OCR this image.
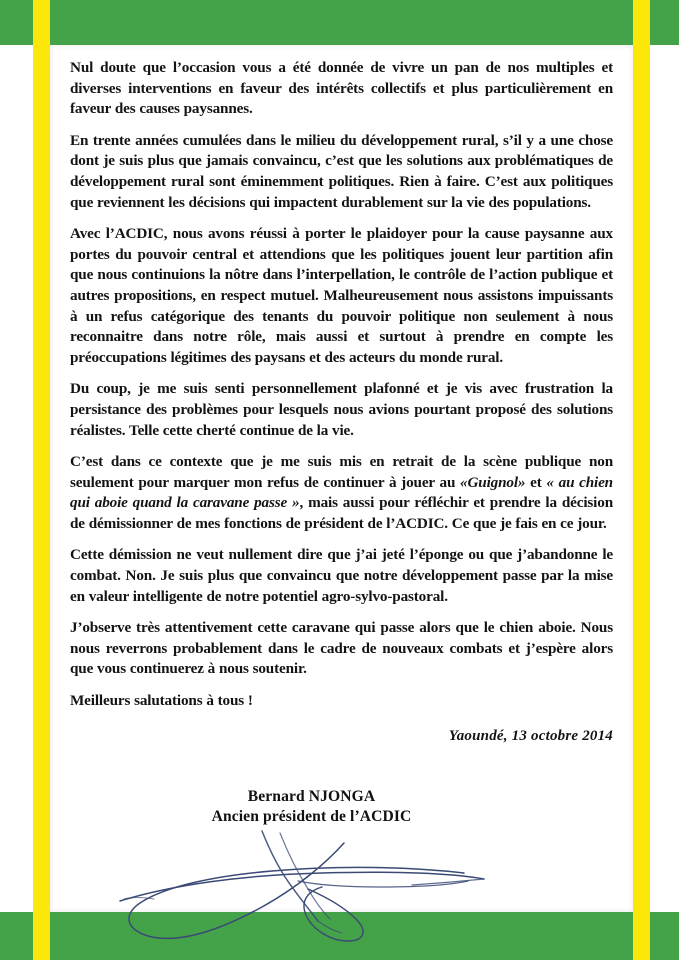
Nul doute que l’occasion vous a été donnée de vivre un pan de nos multiples et diverses interventions en faveur des intérêts collectifs et plus particulièrement en faveur des causes paysannes.

En trente années cumulées dans le milieu du développement rural, s’il y a une chose dont je suis plus que jamais convaincu, c’est que les solutions aux problématiques de développement rural sont éminemment politiques. Rien à faire. C’est aux politiques que reviennent les décisions qui impactent durablement sur la vie des populations.

Avec l’ACDIC, nous avons réussi à porter le plaidoyer pour la cause paysanne aux portes du pouvoir central et attendions que les politiques jouent leur partition afin que nous continuions la nôtre dans l’interpellation, le contrôle de l’action publique et autres propositions, en respect mutuel. Malheureusement nous assistons impuissants à un refus catégorique des tenants du pouvoir politique non seulement à nous reconnaitre dans notre rôle, mais aussi et surtout à prendre en compte les préoccupations légitimes des paysans et des acteurs du monde rural.

Du coup, je me suis senti personnellement plafonné et je vis avec frustration la persistance des problèmes pour lesquels nous avions pourtant proposé des solutions réalistes. Telle cette cherté continue de la vie.

C’est dans ce contexte que je me suis mis en retrait de la scène publique non seulement pour marquer mon refus de continuer à jouer au «Guignol» et « au chien qui aboie quand la caravane passe », mais aussi pour réfléchir et prendre la décision de démissionner de mes fonctions de président de l’ACDIC. Ce que je fais en ce jour.

Cette démission ne veut nullement dire que j’ai jeté l’éponge ou que j’abandonne le combat. Non. Je suis plus que convaincu que notre développement passe par la mise en valeur intelligente de notre potentiel agro-sylvo-pastoral.

J’observe très attentivement cette caravane qui passe alors que le chien aboie. Nous nous reverrons probablement dans le cadre de nouveaux combats et j’espère alors que vous continuerez à nous soutenir.

Meilleurs salutations à tous !

Yaoundé, 13 octobre 2014

Bernard NJONGA
Ancien président de l’ACDIC
